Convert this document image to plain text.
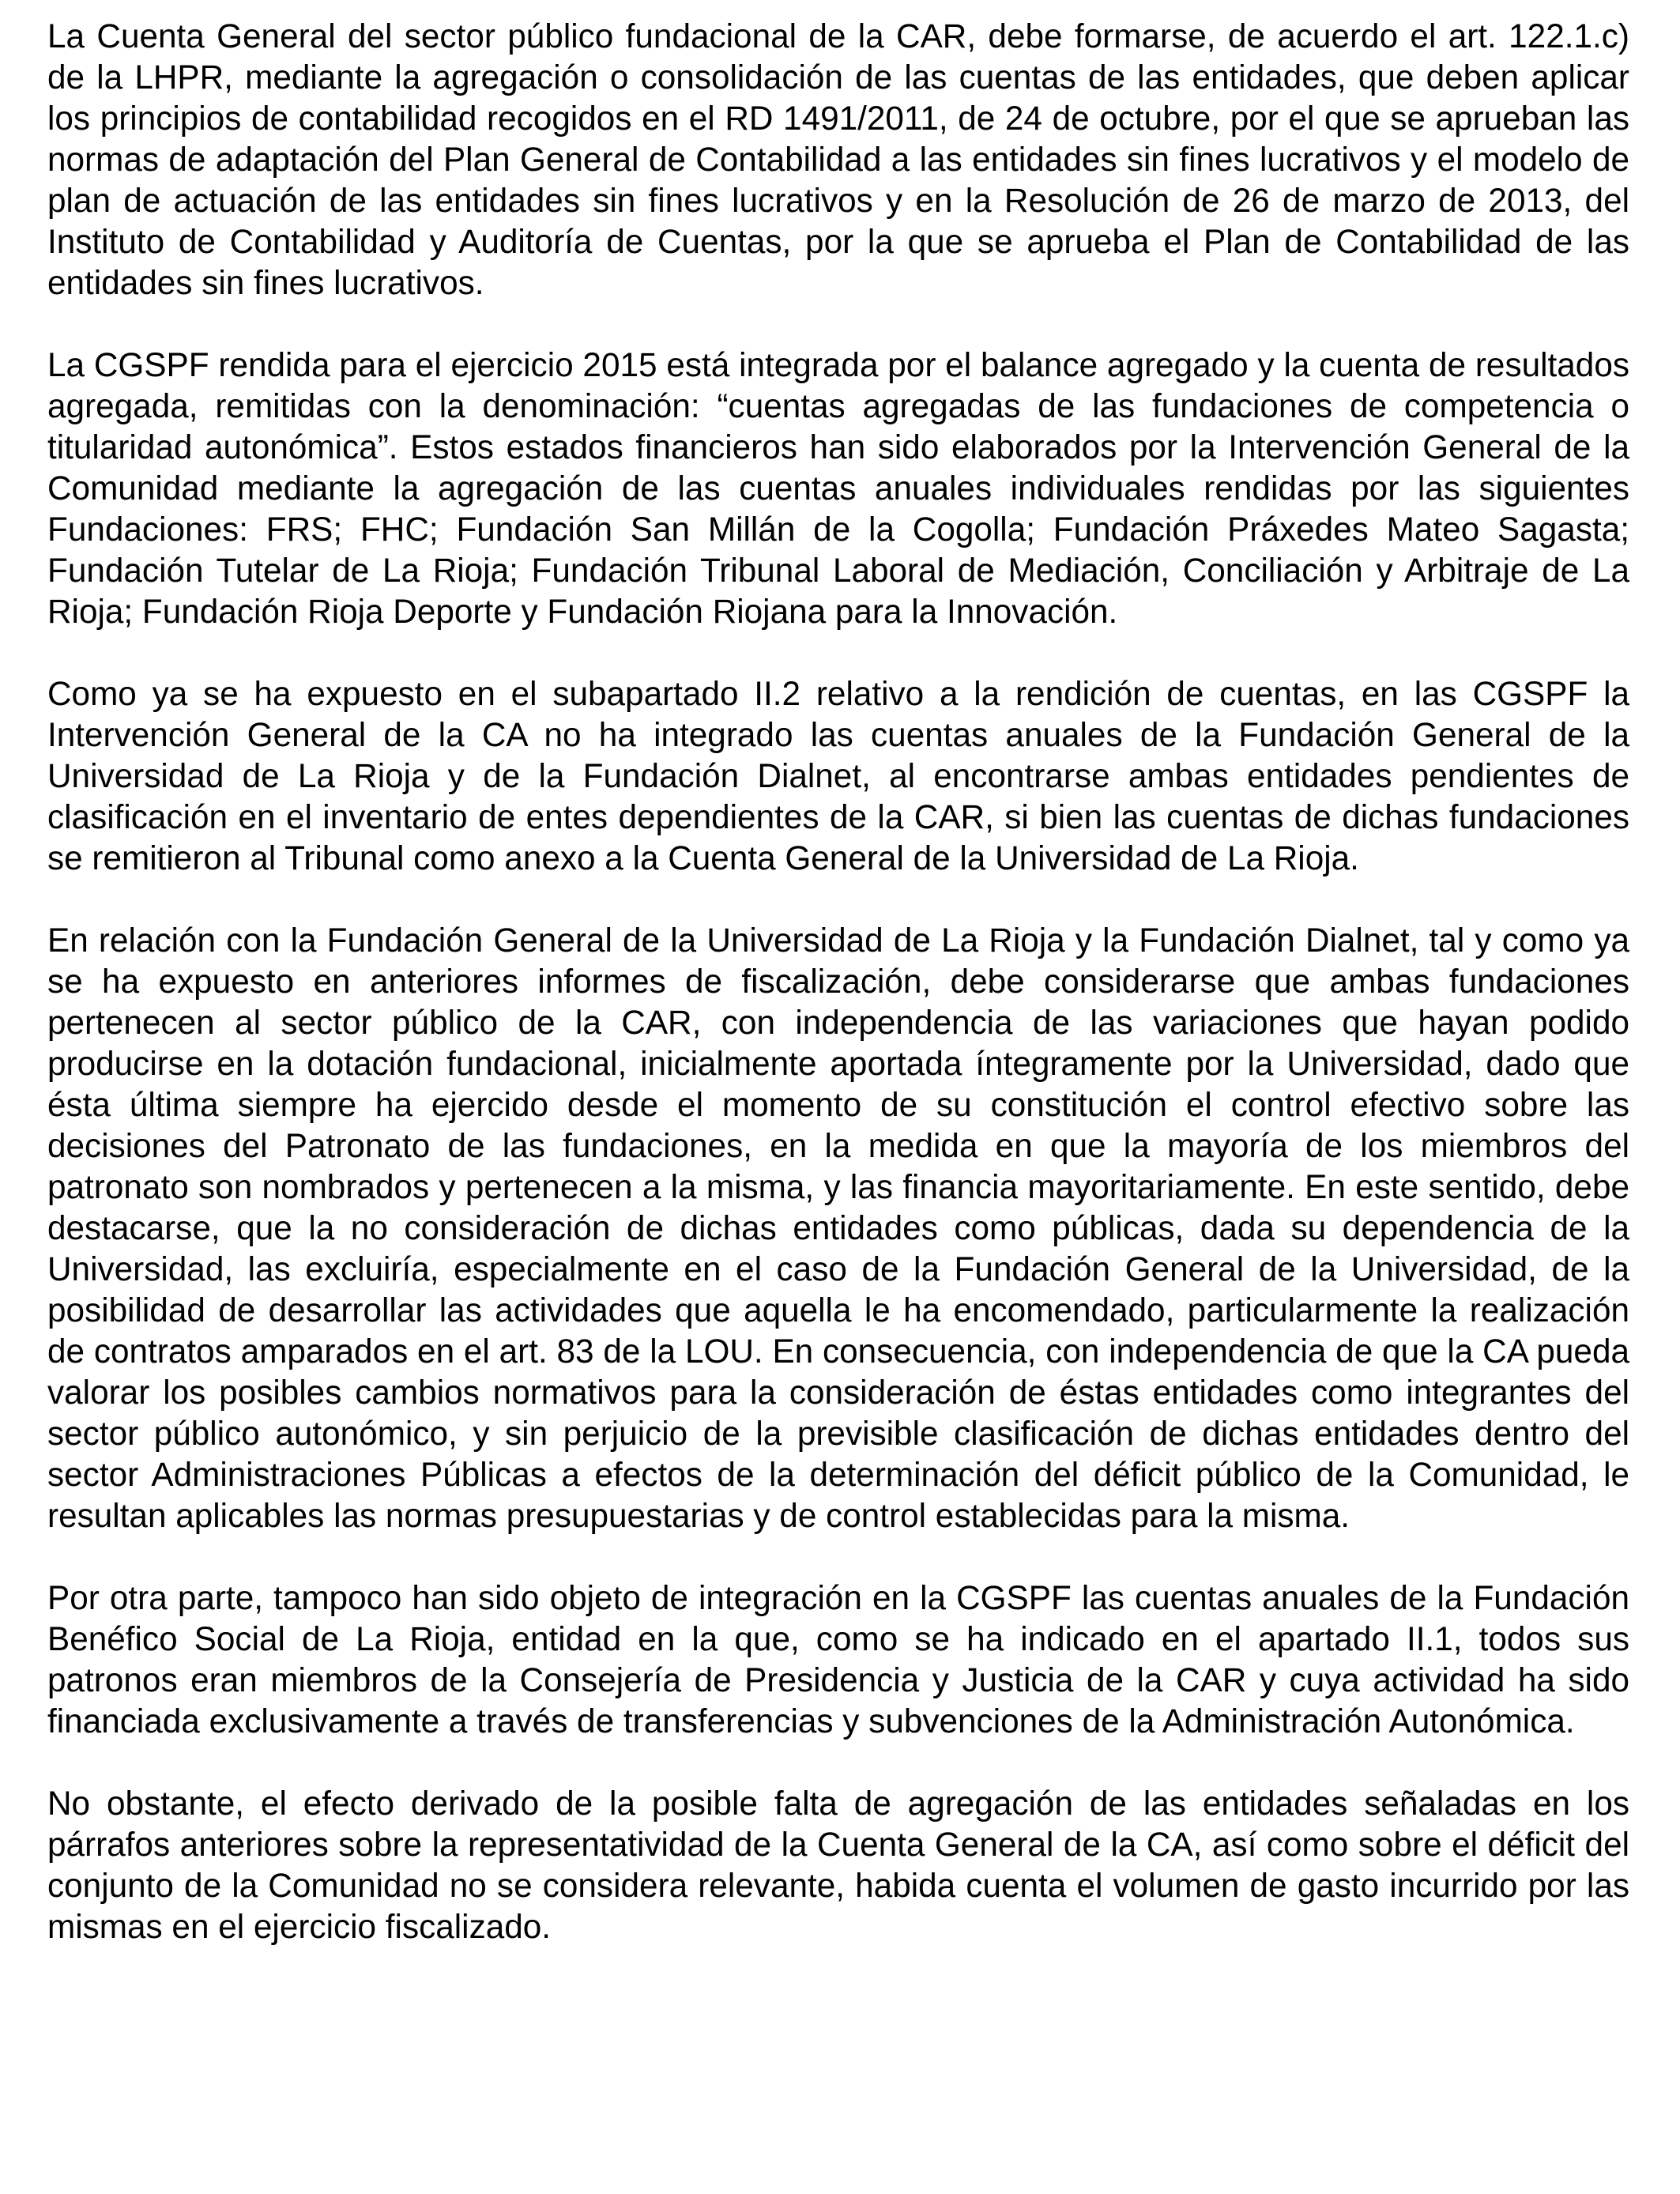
La Cuenta General del sector público fundacional de la CAR, debe formarse, de acuerdo el art. 122.1.c) de la LHPR, mediante la agregación o consolidación de las cuentas de las entidades, que deben aplicar los principios de contabilidad recogidos en el RD 1491/2011, de 24 de octubre, por el que se aprueban las normas de adaptación del Plan General de Contabilidad a las entidades sin fines lucrativos y el modelo de plan de actuación de las entidades sin fines lucrativos y en la Resolución de 26 de marzo de 2013, del Instituto de Contabilidad y Auditoría de Cuentas, por la que se aprueba el Plan de Contabilidad de las entidades sin fines lucrativos.

La CGSPF rendida para el ejercicio 2015 está integrada por el balance agregado y la cuenta de resultados agregada, remitidas con la denominación: “cuentas agregadas de las fundaciones de competencia o titularidad autonómica”. Estos estados financieros han sido elaborados por la Intervención General de la Comunidad mediante la agregación de las cuentas anuales individuales rendidas por las siguientes Fundaciones: FRS; FHC; Fundación San Millán de la Cogolla; Fundación Práxedes Mateo Sagasta; Fundación Tutelar de La Rioja; Fundación Tribunal Laboral de Mediación, Conciliación y Arbitraje de La Rioja; Fundación Rioja Deporte y Fundación Riojana para la Innovación.

Como ya se ha expuesto en el subapartado II.2 relativo a la rendición de cuentas, en las CGSPF la Intervención General de la CA no ha integrado las cuentas anuales de la Fundación General de la Universidad de La Rioja y de la Fundación Dialnet, al encontrarse ambas entidades pendientes de clasificación en el inventario de entes dependientes de la CAR, si bien las cuentas de dichas fundaciones se remitieron al Tribunal como anexo a la Cuenta General de la Universidad de La Rioja.

En relación con la Fundación General de la Universidad de La Rioja y la Fundación Dialnet, tal y como ya se ha expuesto en anteriores informes de fiscalización, debe considerarse que ambas fundaciones pertenecen al sector público de la CAR, con independencia de las variaciones que hayan podido producirse en la dotación fundacional, inicialmente aportada íntegramente por la Universidad, dado que ésta última siempre ha ejercido desde el momento de su constitución el control efectivo sobre las decisiones del Patronato de las fundaciones, en la medida en que la mayoría de los miembros del patronato son nombrados y pertenecen a la misma, y las financia mayoritariamente. En este sentido, debe destacarse, que la no consideración de dichas entidades como públicas, dada su dependencia de la Universidad, las excluiría, especialmente en el caso de la Fundación General de la Universidad, de la posibilidad de desarrollar las actividades que aquella le ha encomendado, particularmente la realización de contratos amparados en el art. 83 de la LOU. En consecuencia, con independencia de que la CA pueda valorar los posibles cambios normativos para la consideración de éstas entidades como integrantes del sector público autonómico, y sin perjuicio de la previsible clasificación de dichas entidades dentro del sector Administraciones Públicas a efectos de la determinación del déficit público de la Comunidad, le resultan aplicables las normas presupuestarias y de control establecidas para la misma.

Por otra parte, tampoco han sido objeto de integración en la CGSPF las cuentas anuales de la Fundación Benéfico Social de La Rioja, entidad en la que, como se ha indicado en el apartado II.1, todos sus patronos eran miembros de la Consejería de Presidencia y Justicia de la CAR y cuya actividad ha sido financiada exclusivamente a través de transferencias y subvenciones de la Administración Autonómica.

No obstante, el efecto derivado de la posible falta de agregación de las entidades señaladas en los párrafos anteriores sobre la representatividad de la Cuenta General de la CA, así como sobre el déficit del conjunto de la Comunidad no se considera relevante, habida cuenta el volumen de gasto incurrido por las mismas en el ejercicio fiscalizado.
